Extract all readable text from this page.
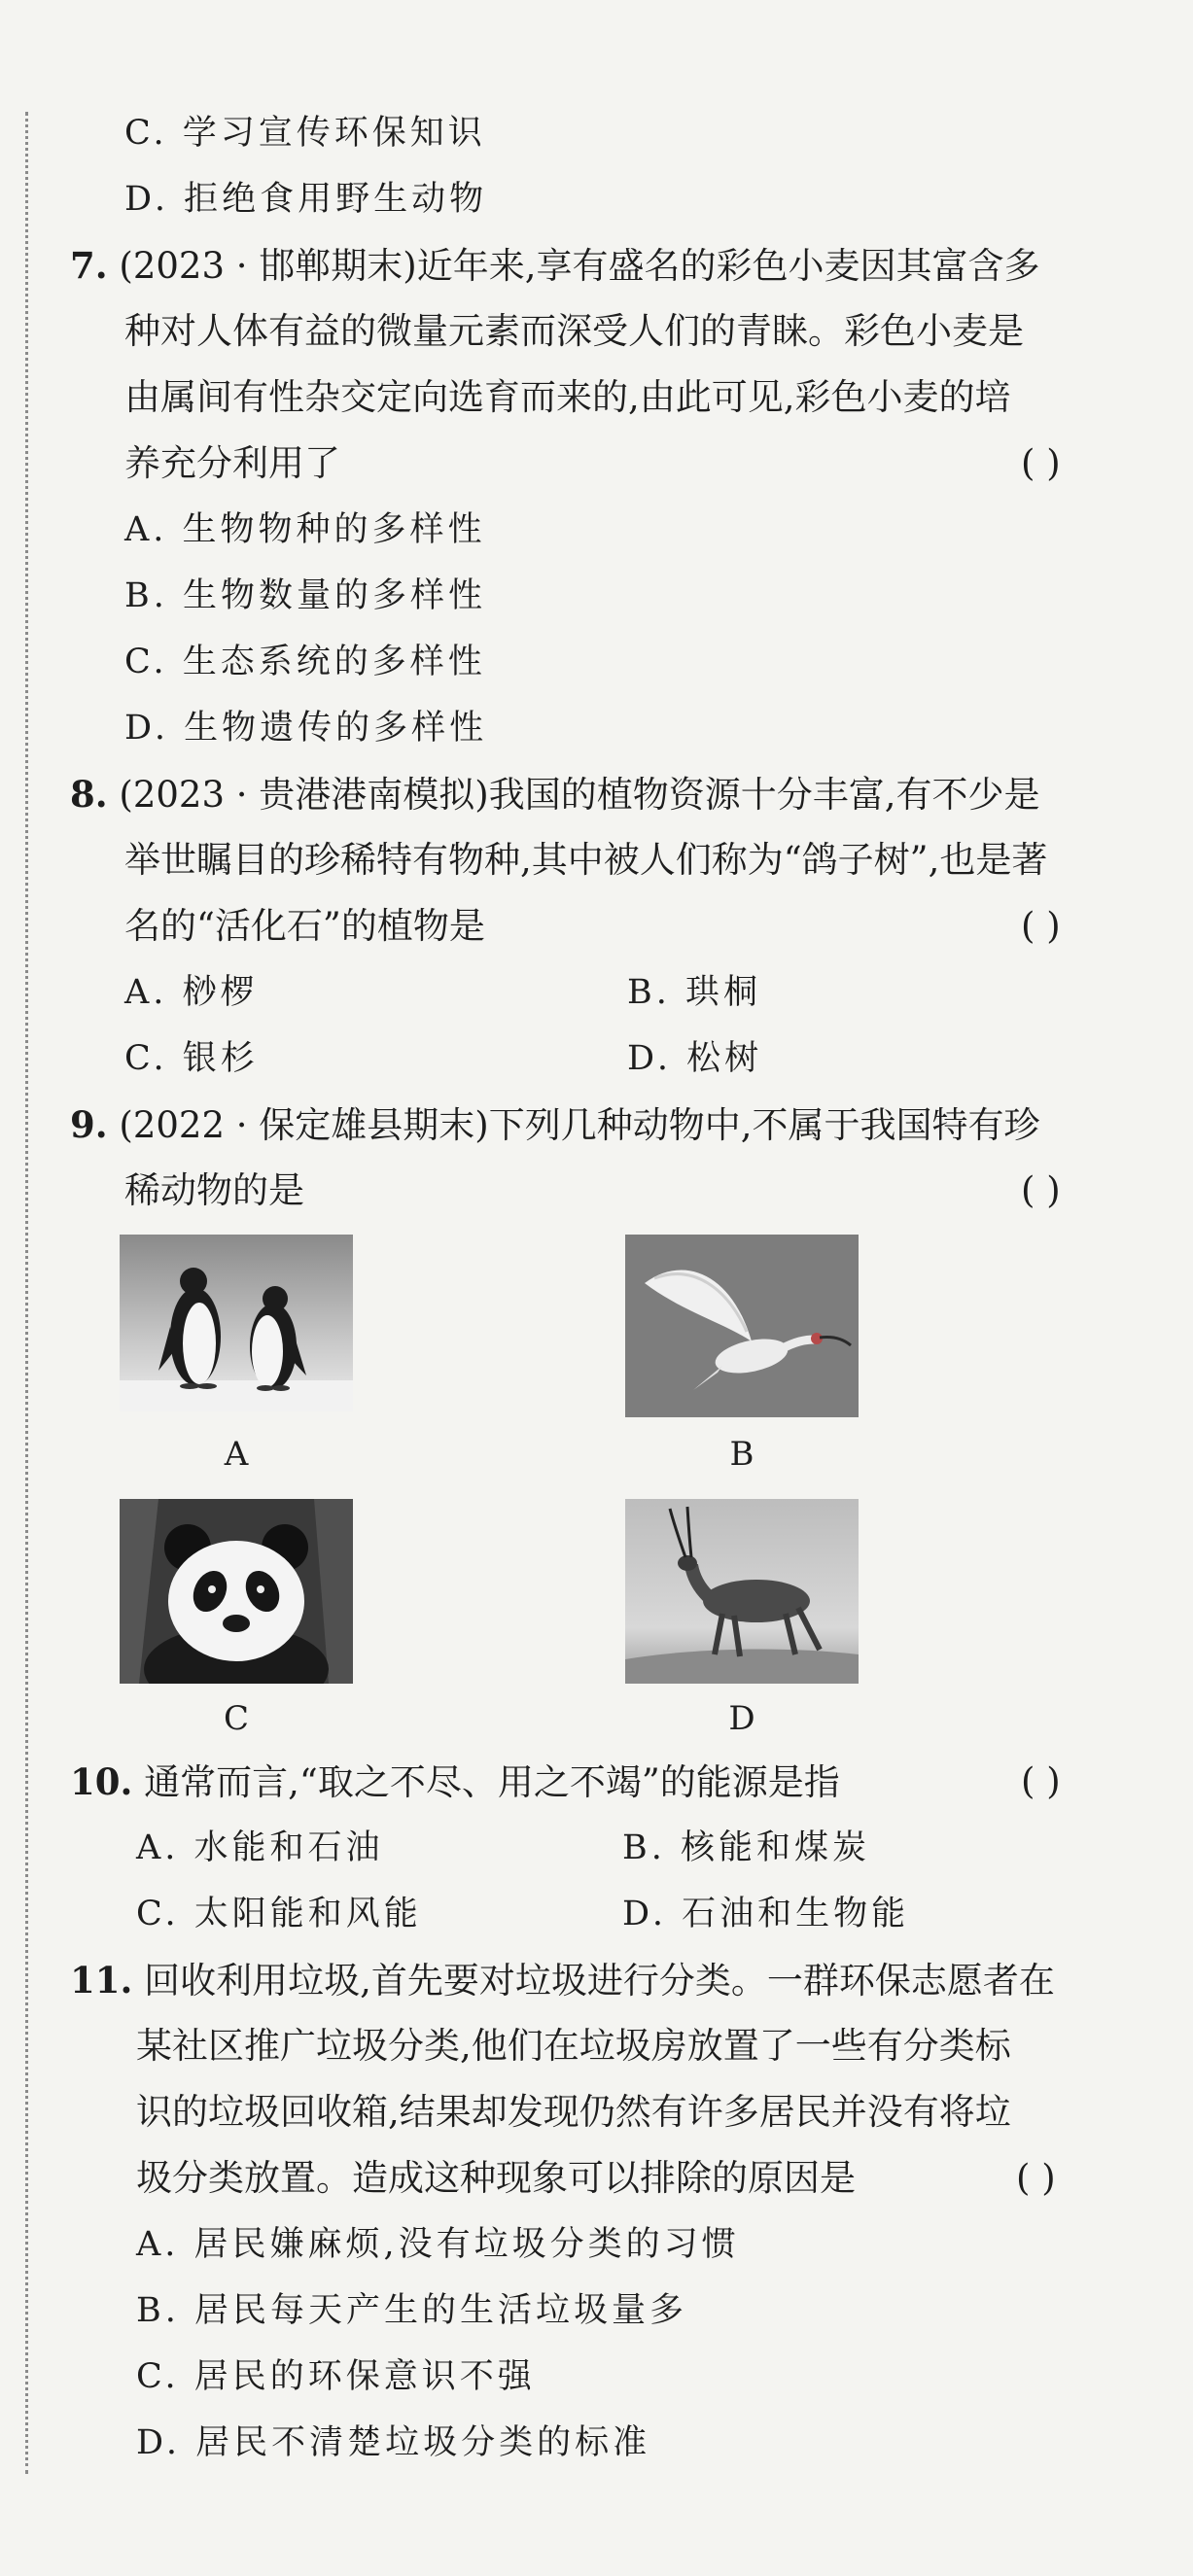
C. 学习宣传环保知识
D. 拒绝食用野生动物
7. (2023 · 邯郸期末)近年来,享有盛名的彩色小麦因其富含多
种对人体有益的微量元素而深受人们的青睐。彩色小麦是
由属间有性杂交定向选育而来的,由此可见,彩色小麦的培
养充分利用了	( )
A. 生物物种的多样性
B. 生物数量的多样性
C. 生态系统的多样性
D. 生物遗传的多样性
8. (2023 · 贵港港南模拟)我国的植物资源十分丰富,有不少是
举世瞩目的珍稀特有物种,其中被人们称为“鸽子树”,也是著
名的“活化石”的植物是	( )
A. 桫椤	B. 珙桐
C. 银杉	D. 松树
9. (2022 · 保定雄县期末)下列几种动物中,不属于我国特有珍
稀动物的是	( )
A	B
C	D
10. 通常而言,“取之不尽、用之不竭”的能源是指	( )
A. 水能和石油	B. 核能和煤炭
C. 太阳能和风能	D. 石油和生物能
11. 回收利用垃圾,首先要对垃圾进行分类。一群环保志愿者在
某社区推广垃圾分类,他们在垃圾房放置了一些有分类标
识的垃圾回收箱,结果却发现仍然有许多居民并没有将垃
圾分类放置。造成这种现象可以排除的原因是	( )
A. 居民嫌麻烦,没有垃圾分类的习惯
B. 居民每天产生的生活垃圾量多
C. 居民的环保意识不强
D. 居民不清楚垃圾分类的标准
